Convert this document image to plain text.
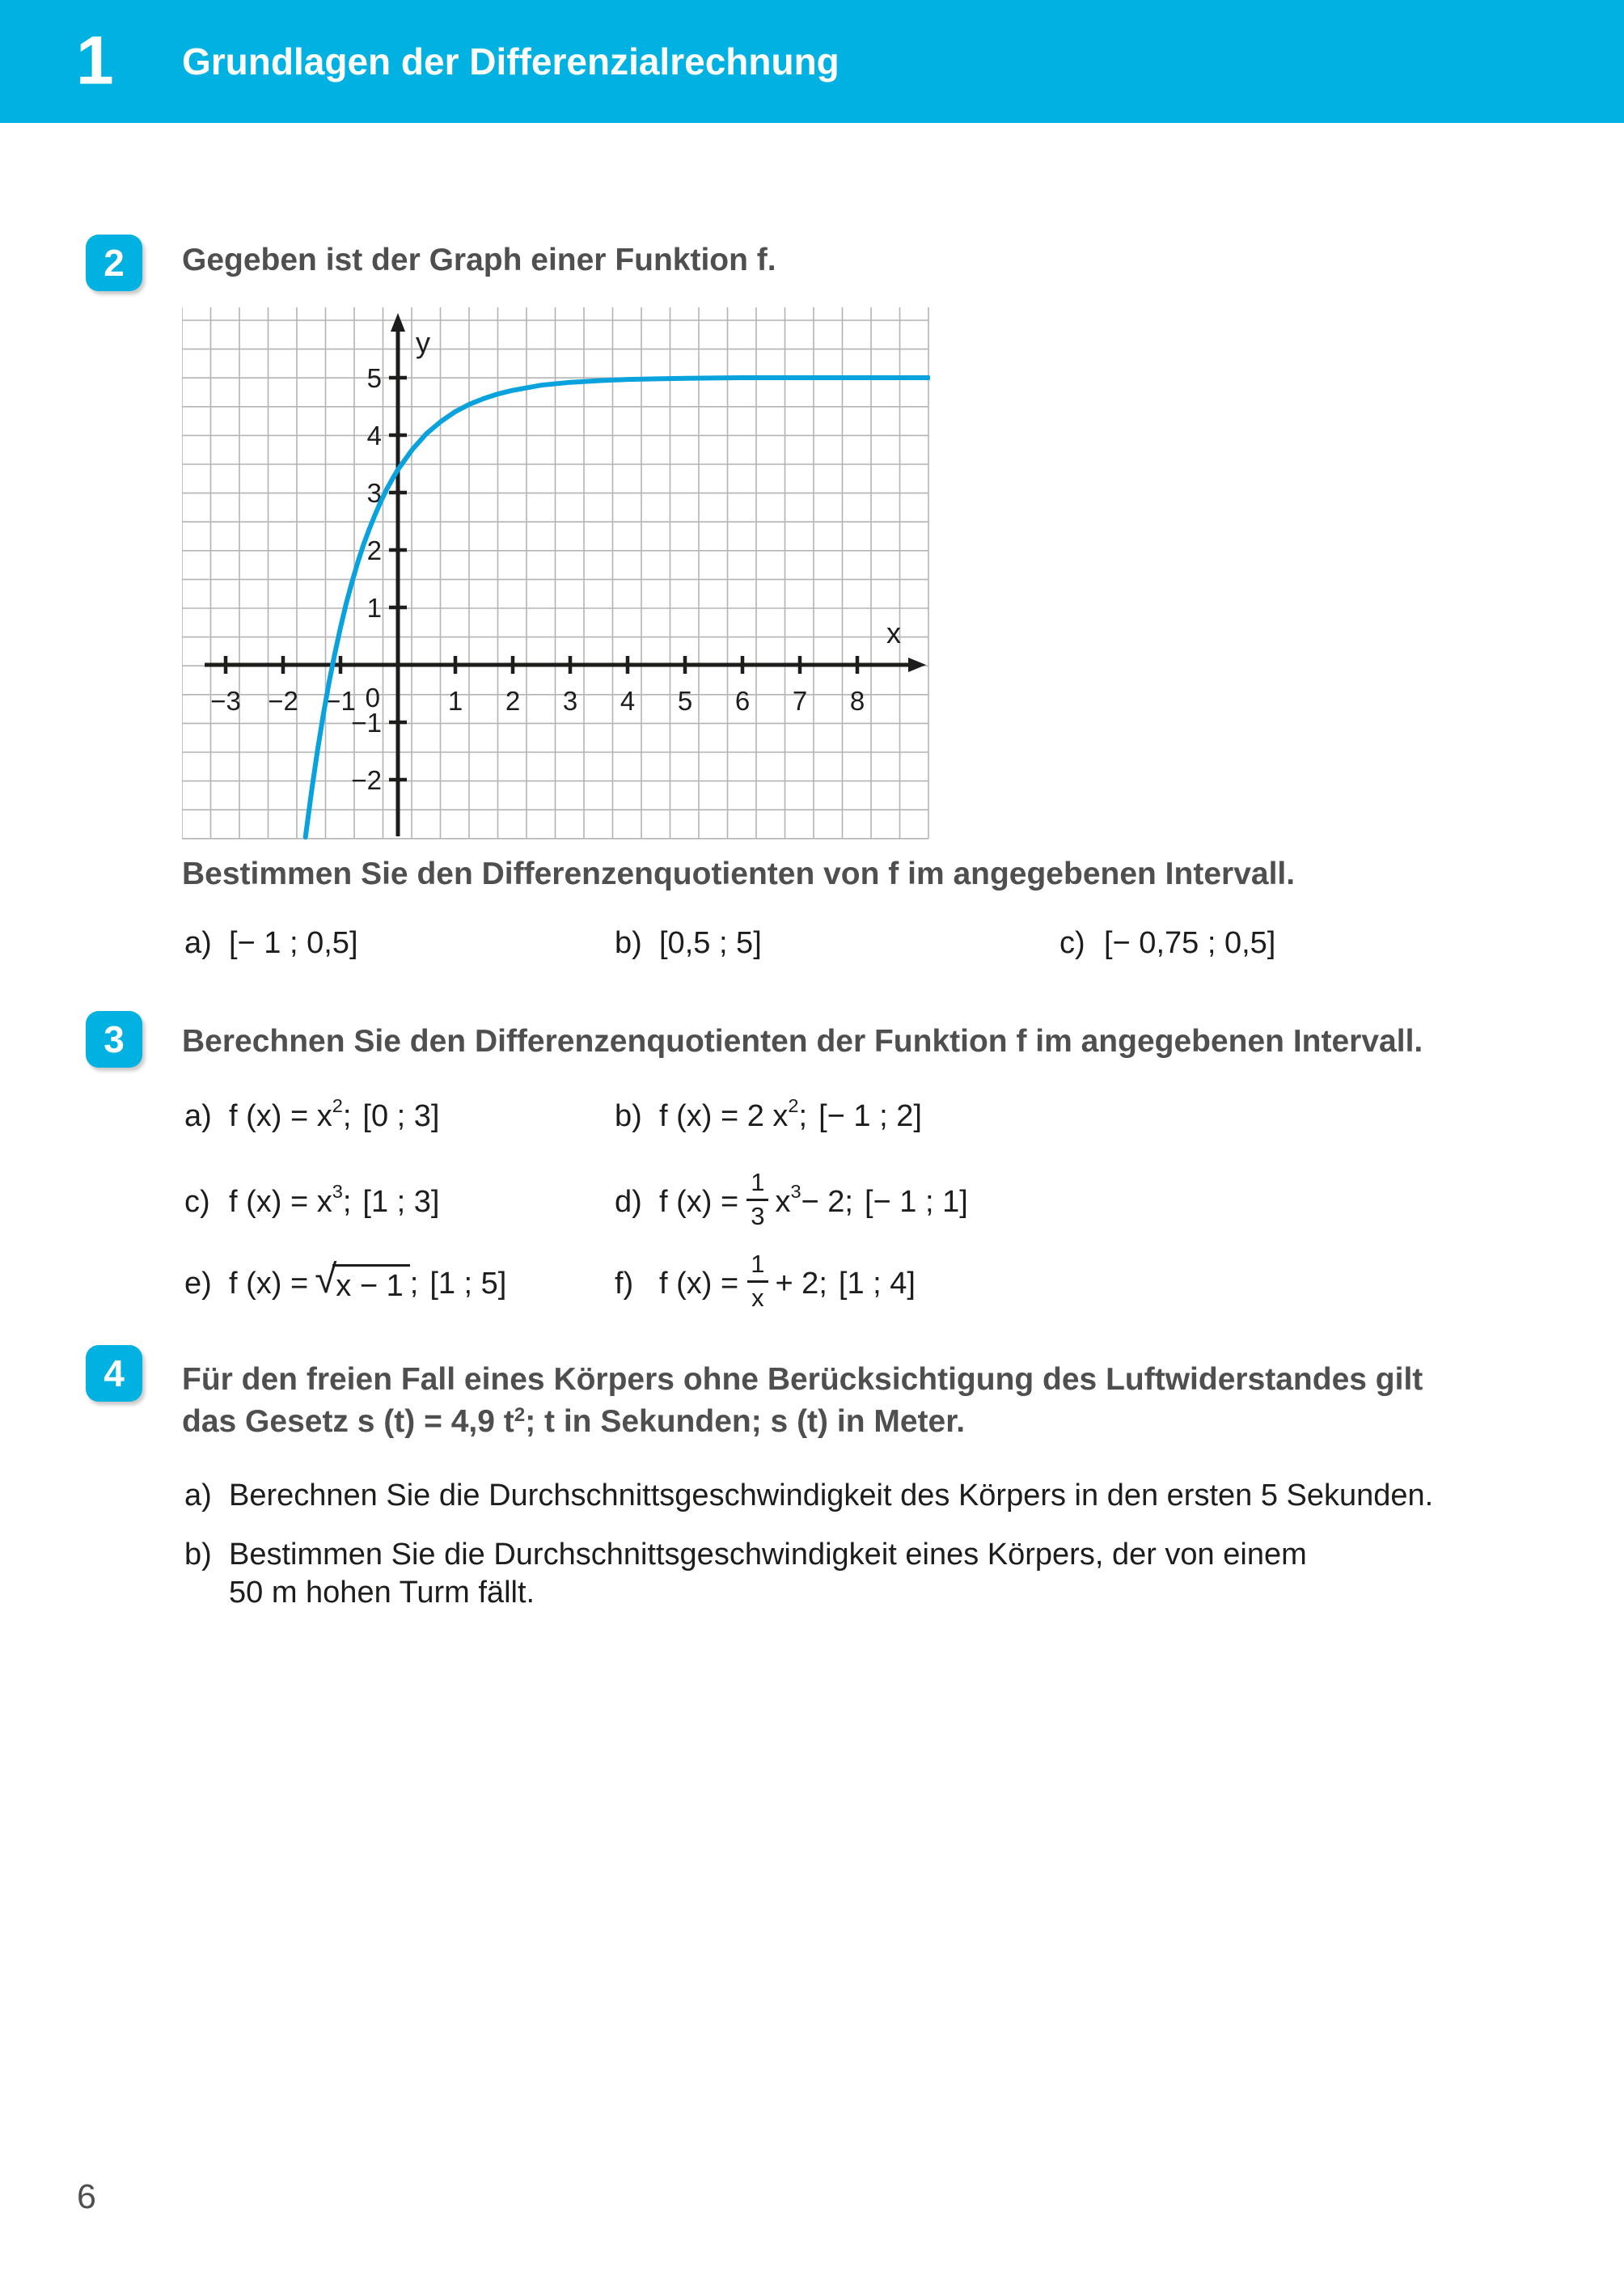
1 Grundlagen der Differenzialrechnung
2	Gegeben ist der Graph einer Funktion f.
−3 −2 −1	1 2 3 4 5 6 7 8
−2
−1
1
2
3
4
5
0
x
y
Bestimmen Sie den Differenzenquotienten von f im angegebenen Intervall.
a) [− 1 ; 0,5]	b) [0,5 ; 5]	c) [− 0,75 ; 0,5]
3	Berechnen Sie den Differenzenquotienten der Funktion f im angegebenen Intervall.
a) f (x) = x 2 ; [0 ; 3]	b) f (x) = 2 x 2 ; [− 1 ; 2]
c) f (x) = x 3 ; [1 ; 3]	d) f $(x) = \frac{1}{3}$ x 3 − 2; [− 1 ; 1]
e) f (x) = √ x − 1 ; [1 ; 5]	f) f $(x) = \frac{1}{x} + 2$; [1 ; 4]
4	Für den freien Fall eines Körpers ohne Berücksichtigung des Luftwiderstandes gilt
das Gesetz s (t) = 4,9 $t^2$; t in Sekunden; s (t) in Meter.
a) Berechnen Sie die Durchschnittsgeschwindigkeit des Körpers in den ersten 5 Sekunden.
b) Bestimmen Sie die Durchschnittsgeschwindigkeit eines Körpers, der von einem
50 m hohen Turm fällt.
6
